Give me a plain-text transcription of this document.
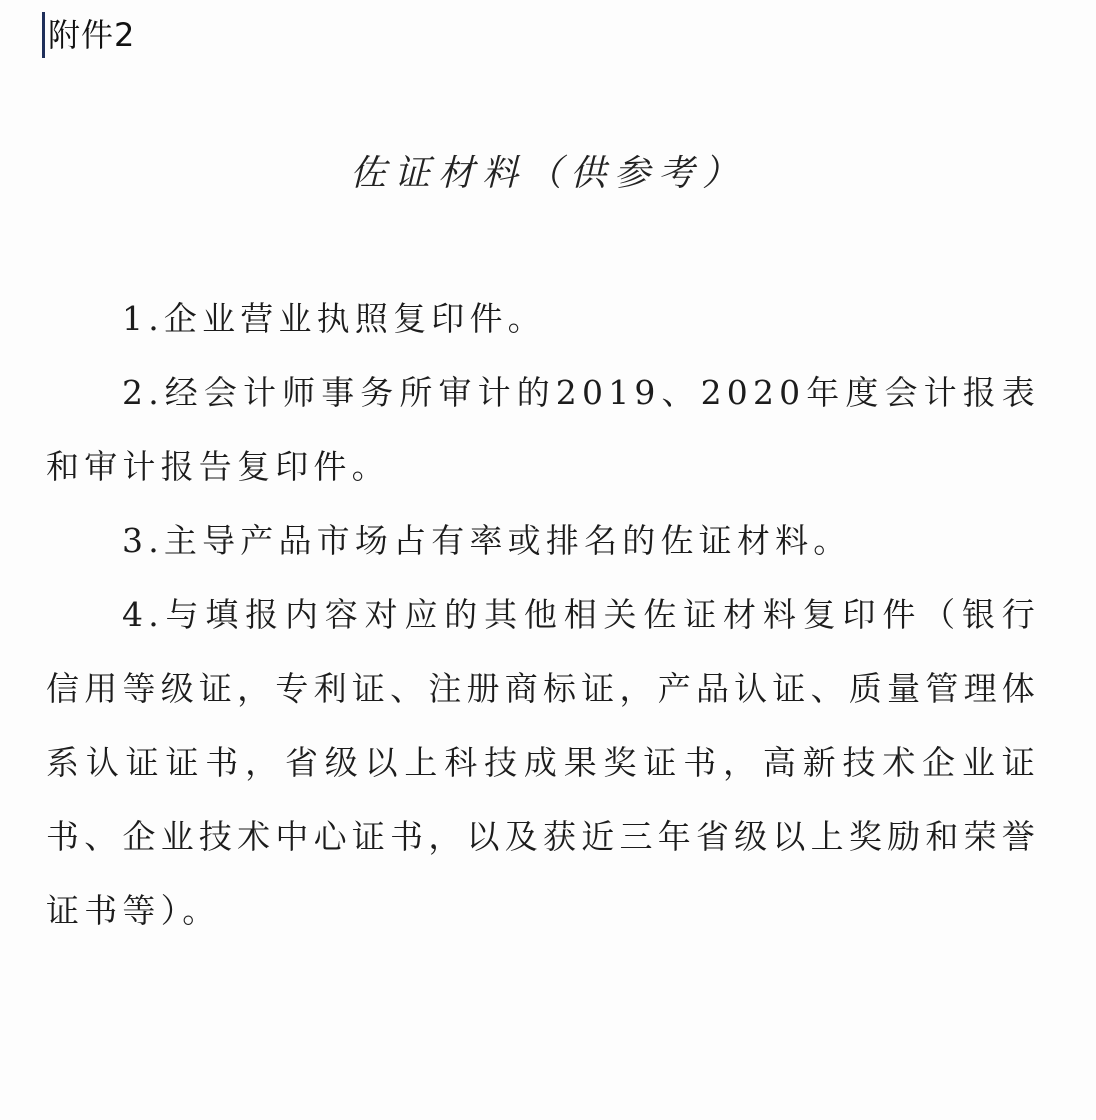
附件2
佐证材料（供参考）

1.企业营业执照复印件。

2.经会计师事务所审计的2019、2020年度会计报表和审计报告复印件。

3.主导产品市场占有率或排名的佐证材料。

4.与填报内容对应的其他相关佐证材料复印件（银行信用等级证，专利证、注册商标证，产品认证、质量管理体系认证证书，省级以上科技成果奖证书，高新技术企业证书、企业技术中心证书，以及获近三年省级以上奖励和荣誉证书等）。
